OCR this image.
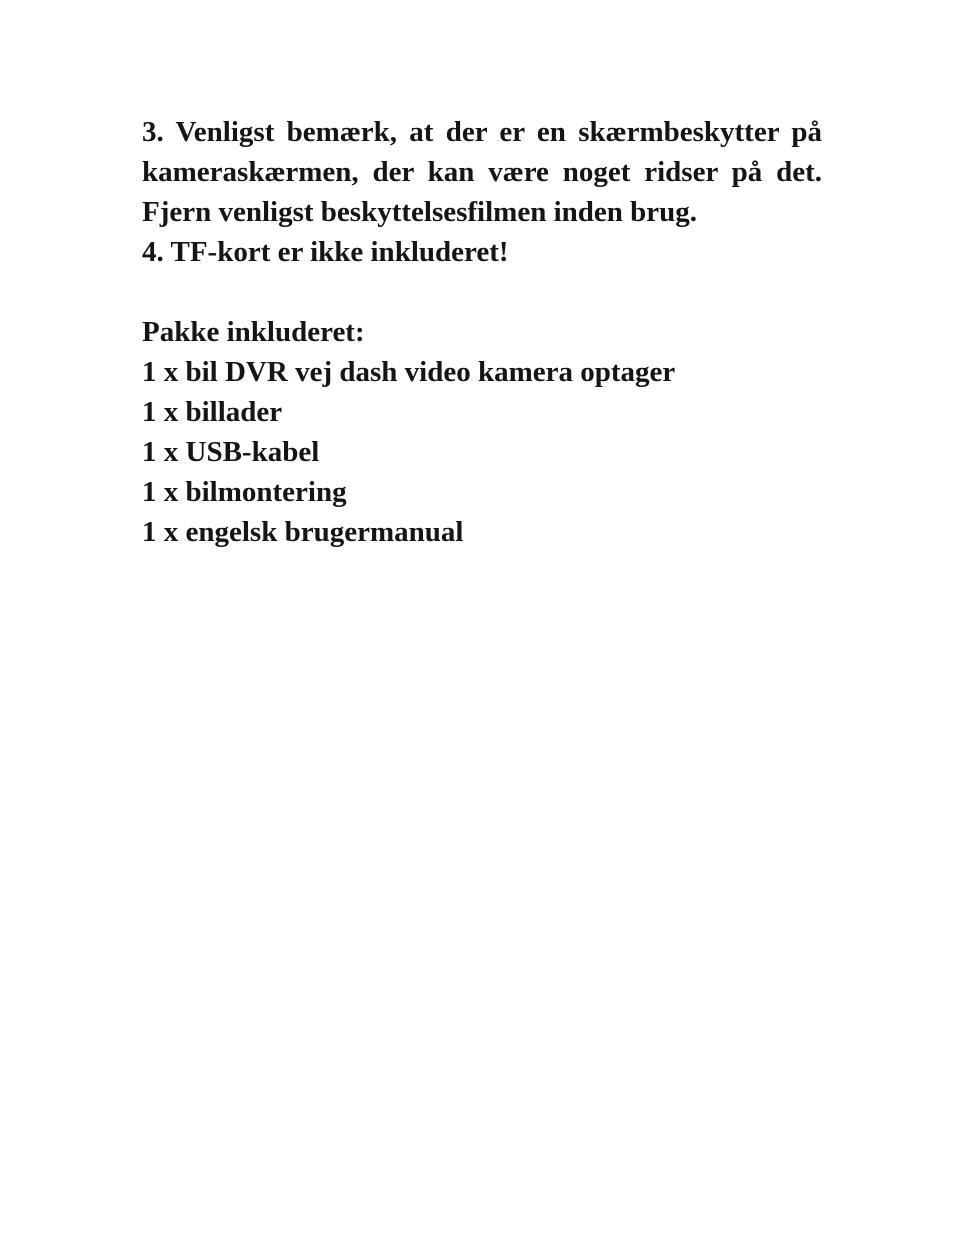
3. Venligst bemærk, at der er en skærmbeskytter på kameraskærmen, der kan være noget ridser på det. Fjern venligst beskyttelsesfilmen inden brug.
4. TF-kort er ikke inkluderet!
Pakke inkluderet:
1 x bil DVR vej dash video kamera optager
1 x billader
1 x USB-kabel
1 x bilmontering
1 x engelsk brugermanual
